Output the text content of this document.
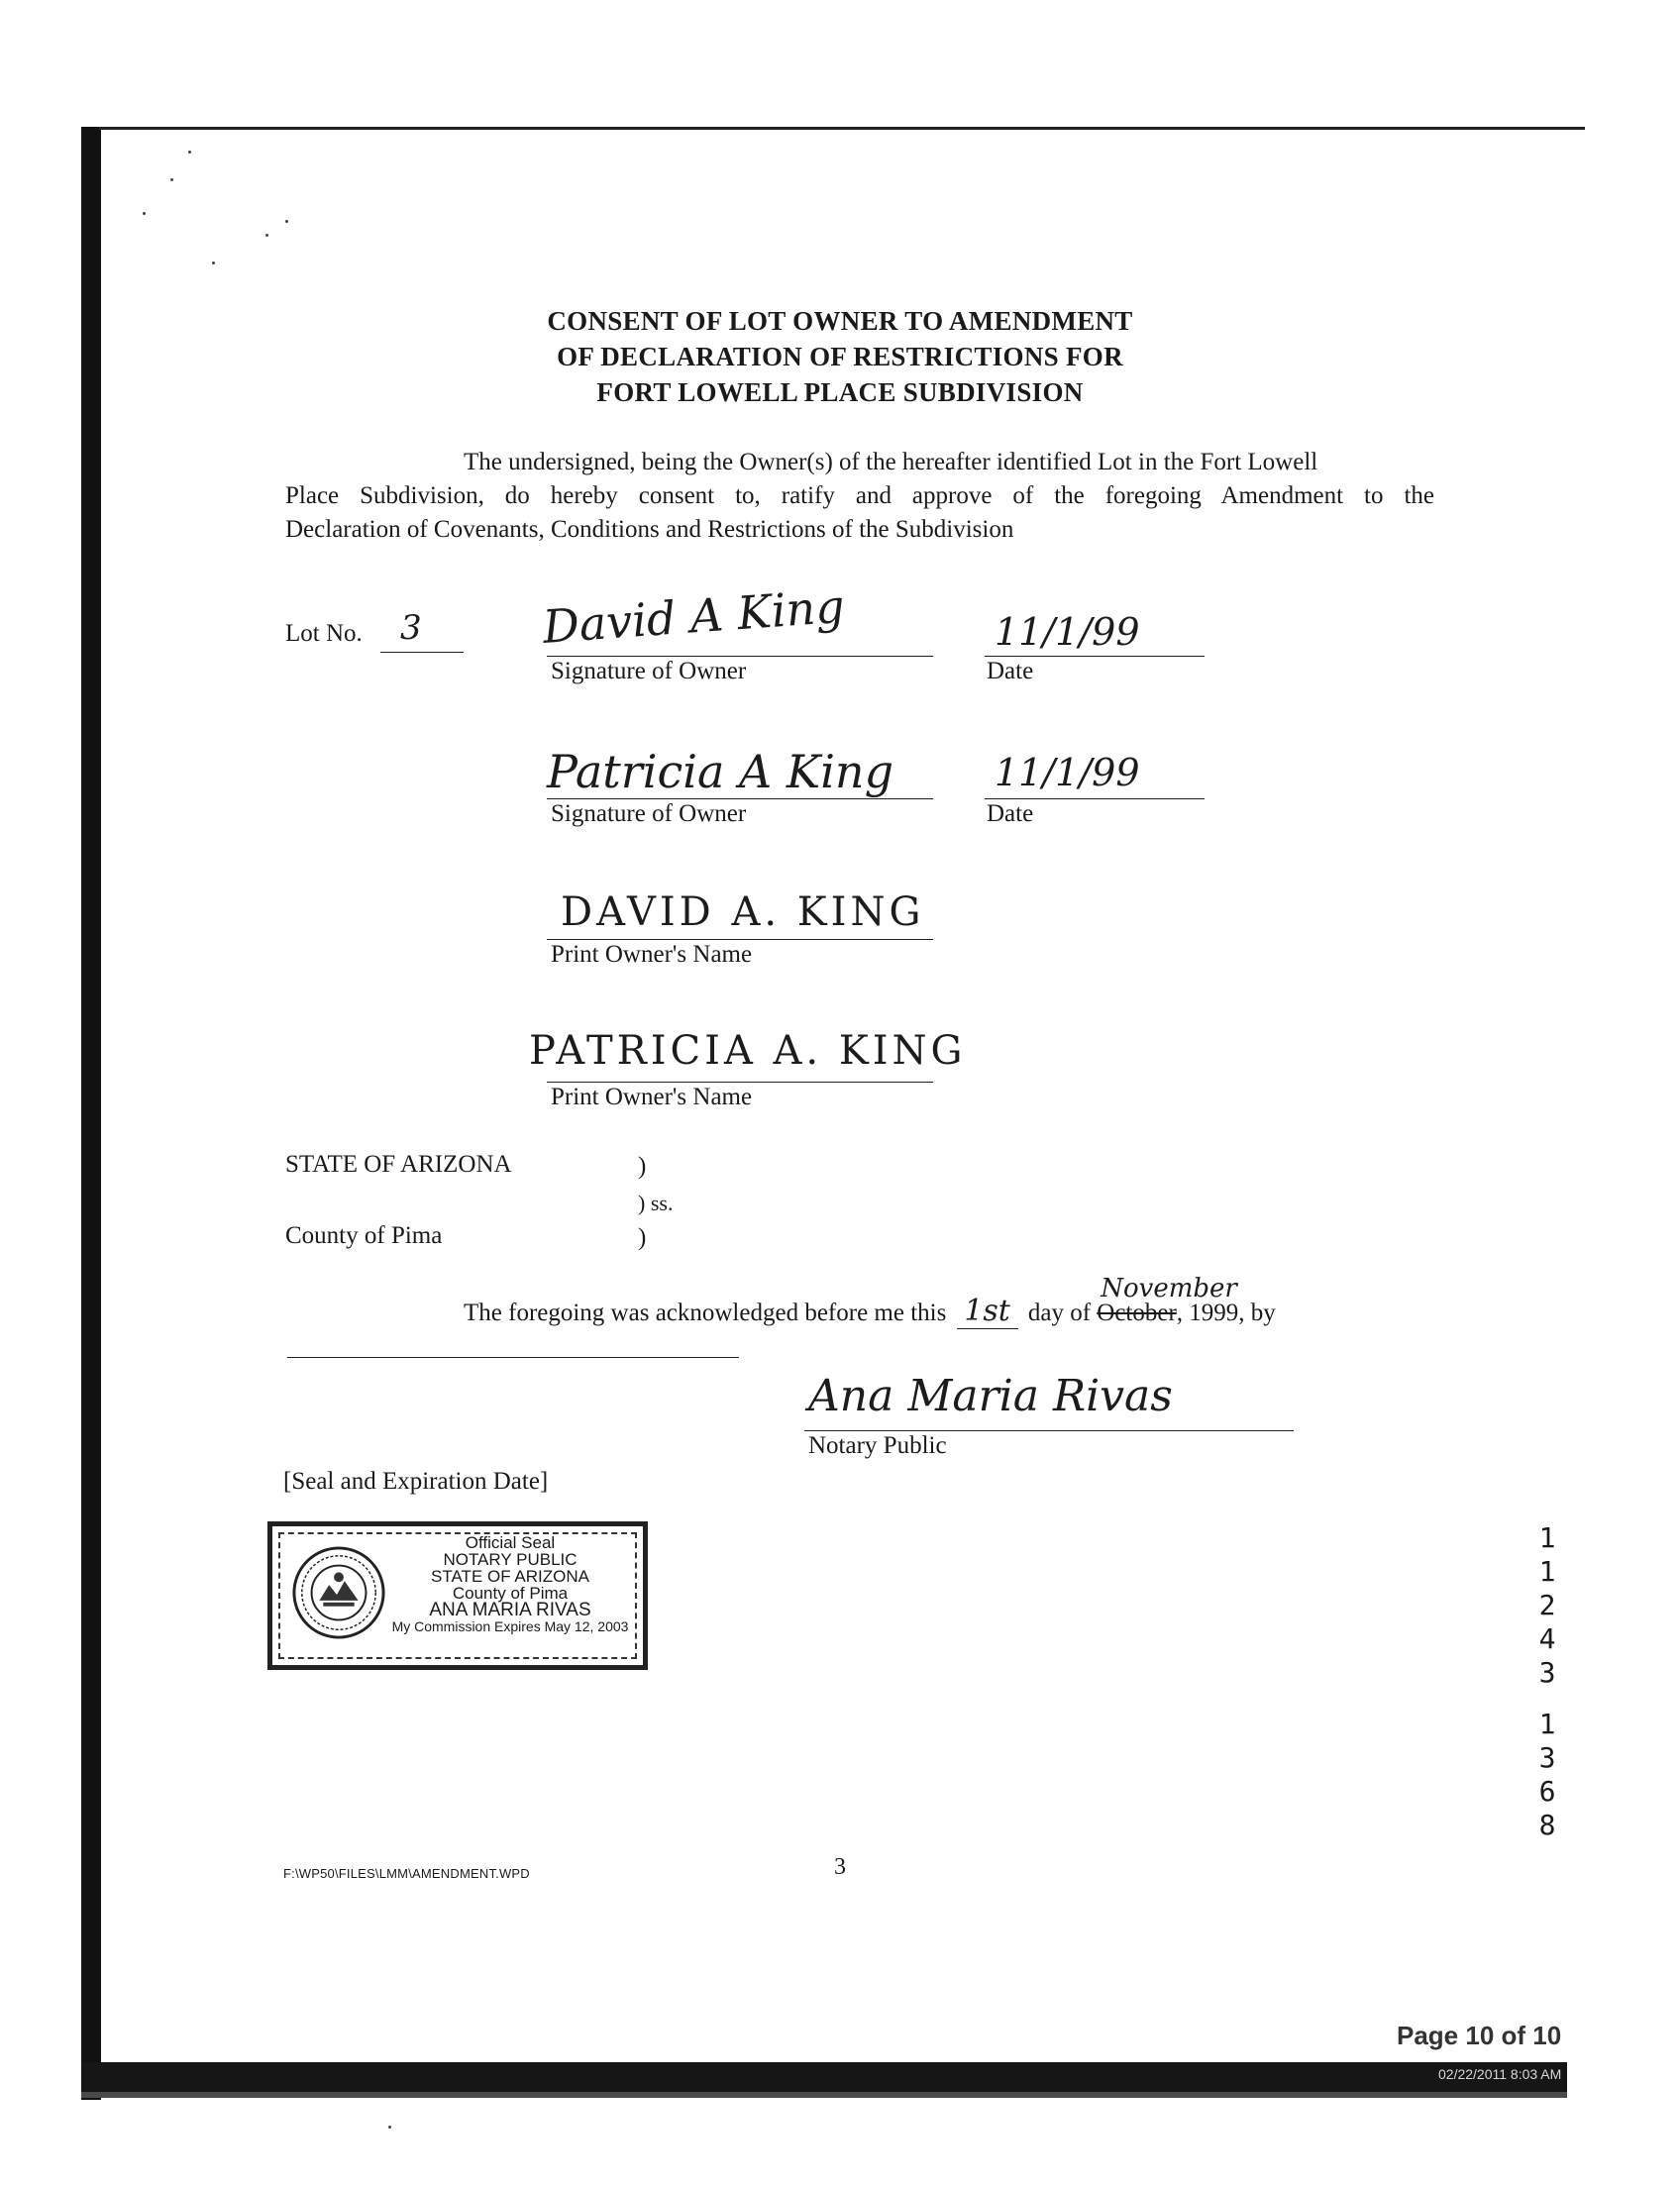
CONSENT OF LOT OWNER TO AMENDMENT
OF DECLARATION OF RESTRICTIONS FOR
FORT LOWELL PLACE SUBDIVISION
The undersigned, being the Owner(s) of the hereafter identified Lot in the Fort Lowell
Place Subdivision, do hereby consent to, ratify and approve of the foregoing Amendment to the
Declaration of Covenants, Conditions and Restrictions of the Subdivision
Lot No. 3	David A King
Signature of Owner
11/1/99
Date
Patricia A King
Signature of Owner
11/1/99
Date
DAVID A. KING
Print Owner's Name
PATRICIA A. KING
Print Owner's Name
STATE OF ARIZONA	)
) ss.
)
County of Pima
The foregoing was acknowledged before me this 1st day of October
November
, 1999, by
Ana Maria Rivas
Notary Public
[Seal and Expiration Date]
Official Seal
NOTARY PUBLIC
STATE OF ARIZONA
County of Pima
ANA MARIA RIVAS
My Commission Expires May 12, 2003
1
1
2
4
3
1
3
6
8
F:\WP50\FILES\LMM\AMENDMENT.WPD	3
Page 10 of 10
02/22/2011 8:03 AM
